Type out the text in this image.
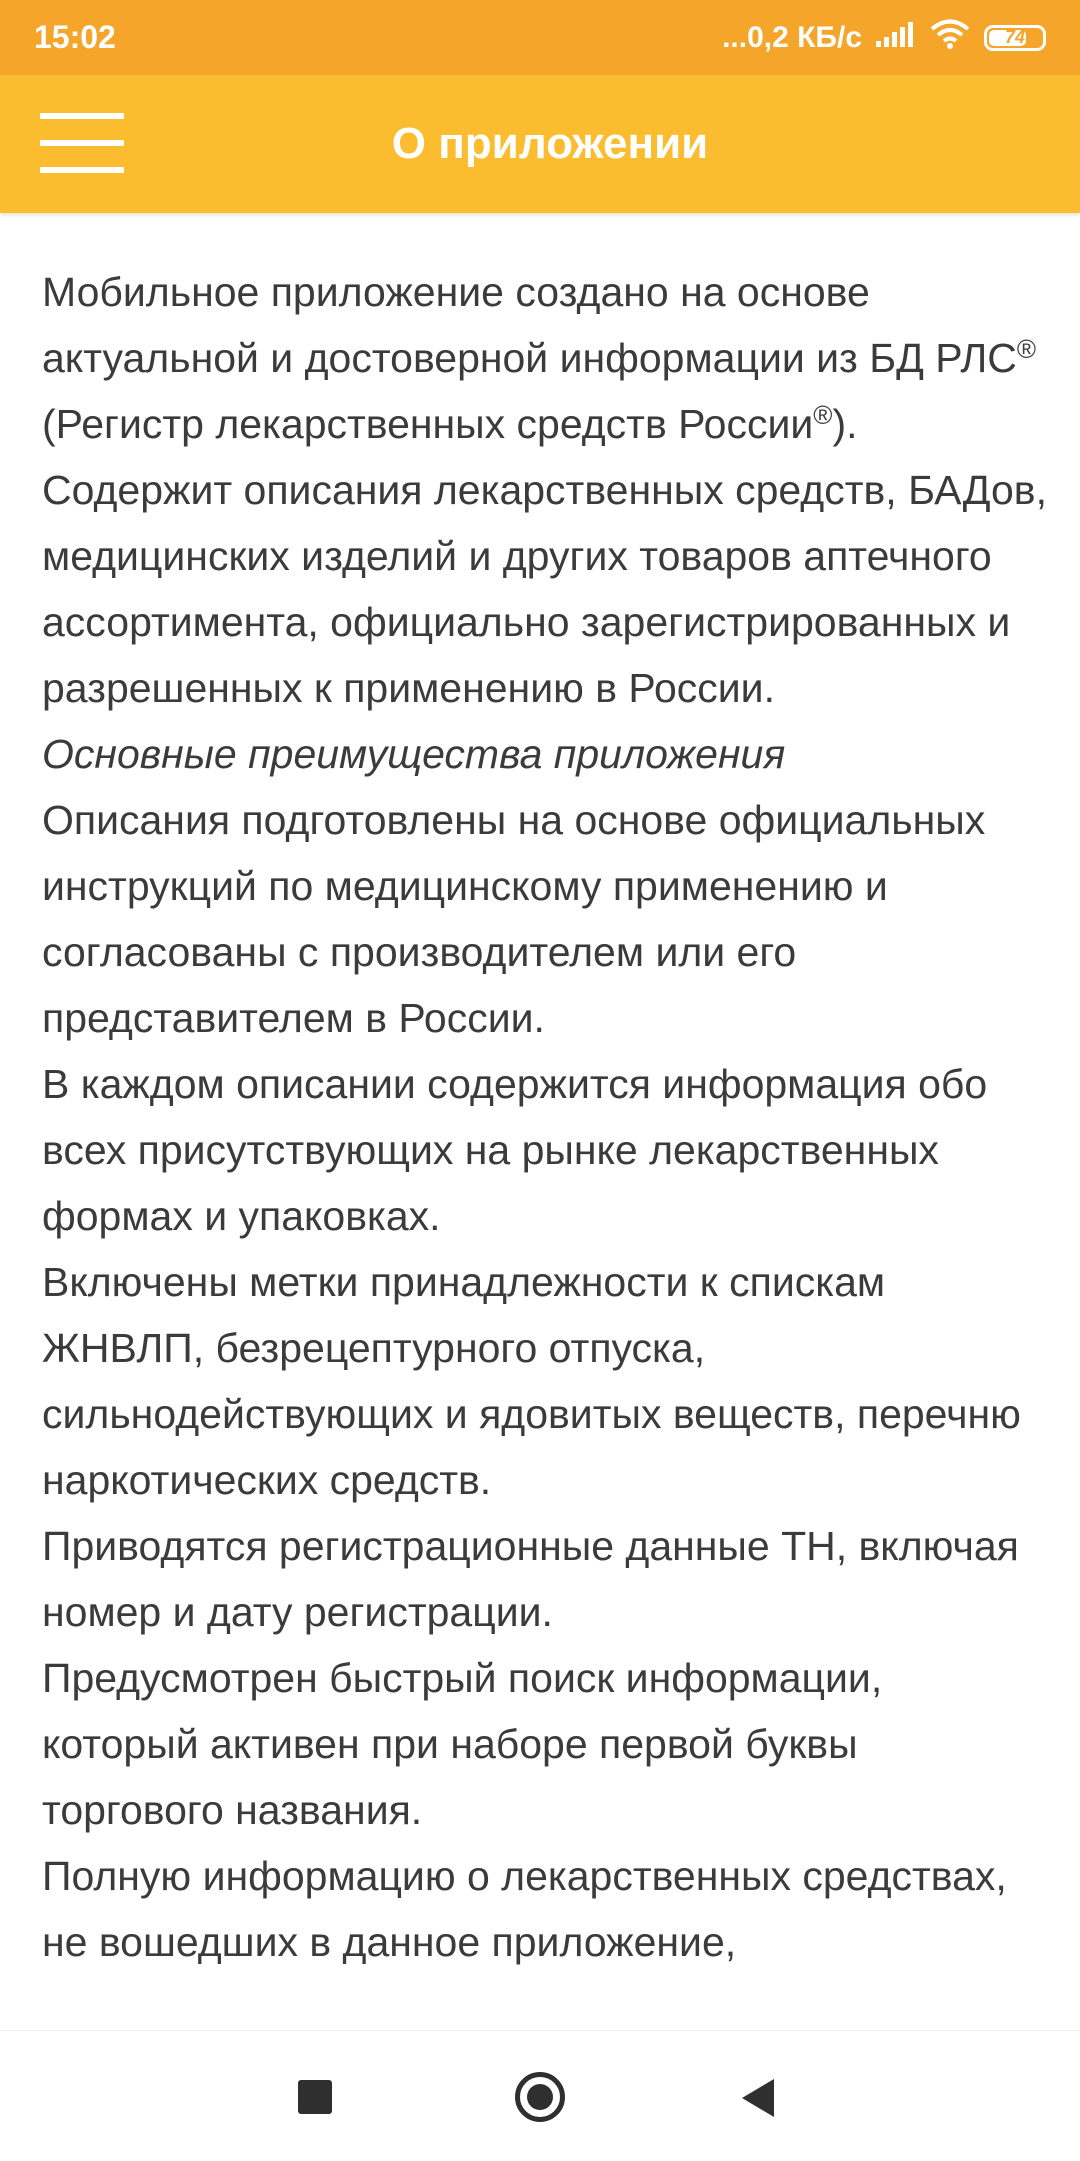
15:02	...0,2 КБ/с	74
О приложении

Мобильное приложение создано на основе актуальной и достоверной информации из БД РЛС® (Регистр лекарственных средств России®). Содержит описания лекарственных средств, БАДов, медицинских изделий и других товаров аптечного ассортимента, официально зарегистрированных и разрешенных к применению в России.

Основные преимущества приложения

Описания подготовлены на основе официальных инструкций по медицинскому применению и согласованы с производителем или его представителем в России.

В каждом описании содержится информация обо всех присутствующих на рынке лекарственных формах и упаковках.

Включены метки принадлежности к спискам ЖНВЛП, безрецептурного отпуска, сильнодействующих и ядовитых веществ, перечню наркотических средств.

Приводятся регистрационные данные ТН, включая номер и дату регистрации.

Предусмотрен быстрый поиск информации, который активен при наборе первой буквы торгового названия.

Полную информацию о лекарственных средствах, не вошедших в данное приложение,
